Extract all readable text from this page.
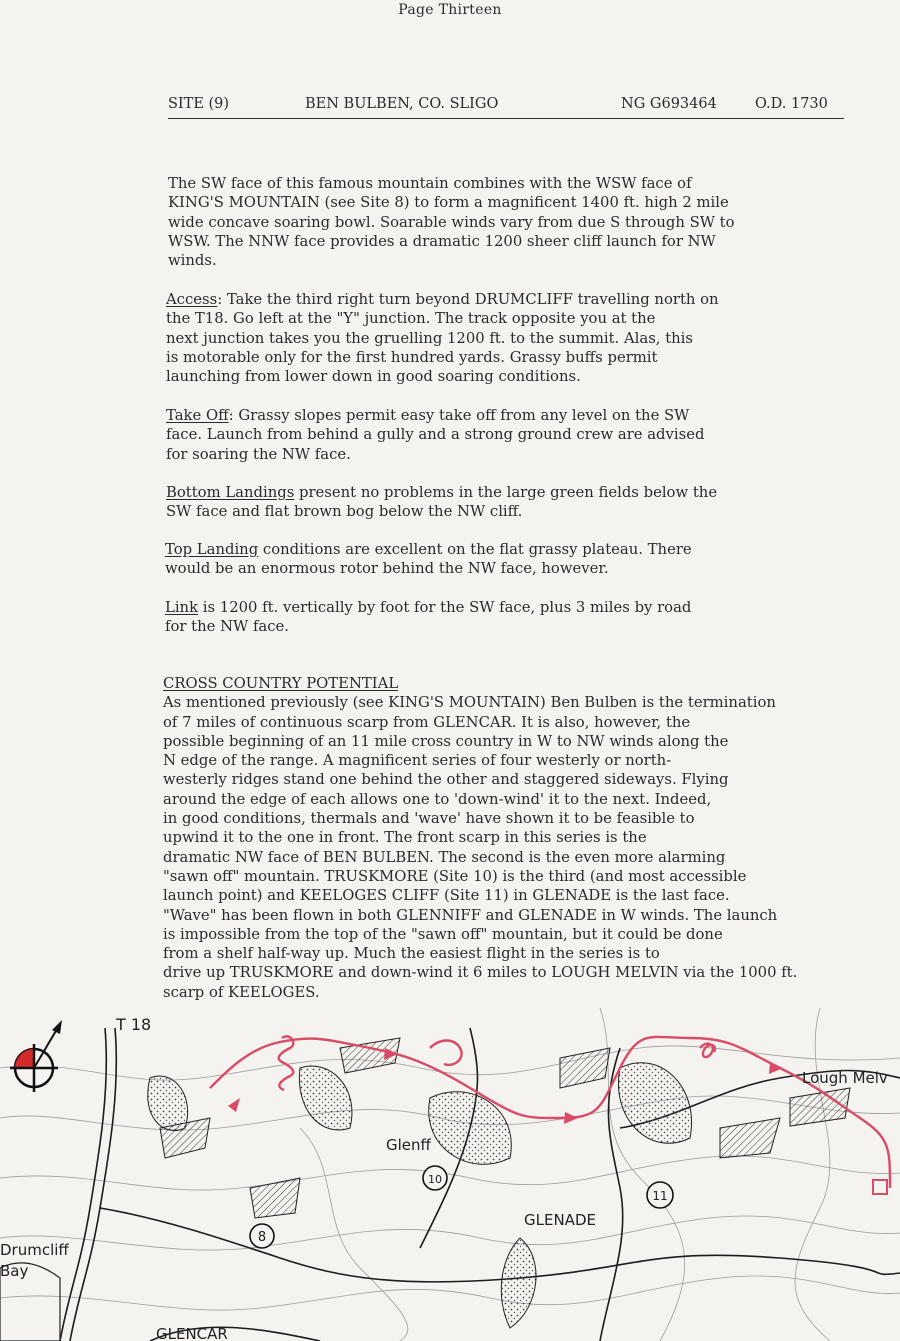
Page Thirteen
SITE (9)	BEN BULBEN, CO. SLIGO	NG G693464	O.D. 1730
The SW face of this famous mountain combines with the WSW face of
KING'S MOUNTAIN (see Site 8) to form a magnificent 1400 ft. high 2 mile
wide concave soaring bowl. Soarable winds vary from due S through SW to
WSW. The NNW face provides a dramatic 1200 sheer cliff launch for NW
winds.
Access: Take the third right turn beyond DRUMCLIFF travelling north on
the T18. Go left at the "Y" junction. The track opposite you at the
next junction takes you the gruelling 1200 ft. to the summit. Alas, this
is motorable only for the first hundred yards. Grassy buffs permit
launching from lower down in good soaring conditions.
Take Off: Grassy slopes permit easy take off from any level on the SW
face. Launch from behind a gully and a strong ground crew are advised
for soaring the NW face.
Bottom Landings present no problems in the large green fields below the
SW face and flat brown bog below the NW cliff.
Top Landing conditions are excellent on the flat grassy plateau. There
would be an enormous rotor behind the NW face, however.
Link is 1200 ft. vertically by foot for the SW face, plus 3 miles by road
for the NW face.
CROSS COUNTRY POTENTIAL
As mentioned previously (see KING'S MOUNTAIN) Ben Bulben is the termination
of 7 miles of continuous scarp from GLENCAR. It is also, however, the
possible beginning of an 11 mile cross country in W to NW winds along the
N edge of the range. A magnificent series of four westerly or north-
westerly ridges stand one behind the other and staggered sideways. Flying
around the edge of each allows one to 'down-wind' it to the next. Indeed,
in good conditions, thermals and 'wave' have shown it to be feasible to
upwind it to the one in front. The front scarp in this series is the
dramatic NW face of BEN BULBEN. The second is the even more alarming
"sawn off" mountain. TRUSKMORE (Site 10) is the third (and most accessible
launch point) and KEELOGES CLIFF (Site 11) in GLENADE is the last face.
"Wave" has been flown in both GLENNIFF and GLENADE in W winds. The launch
is impossible from the top of the "sawn off" mountain, but it could be done
from a shelf half-way up. Much the easiest flight in the series is to
drive up TRUSKMORE and down-wind it 6 miles to LOUGH MELVIN via the 1000 ft.
scarp of KEELOGES.
8
10
11
T 18
Lough Melv
Glenff
GLENADE
Drumcliff
Bay
GLENCAR
